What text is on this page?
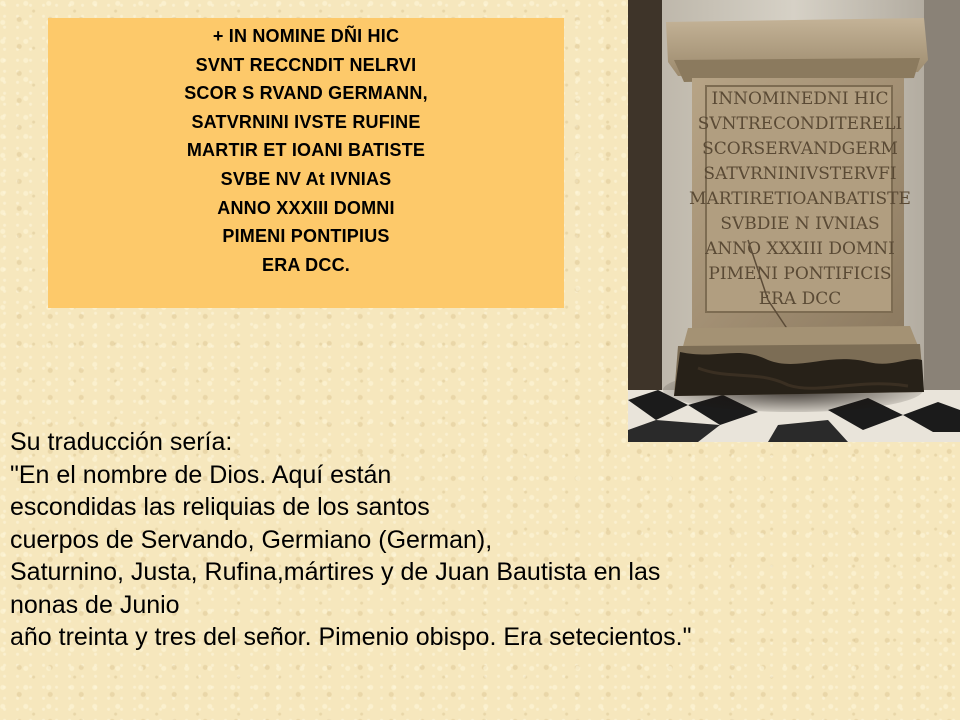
+ IN NOMINE DÑI HIC
SVNT RECCNDIT NELRVI
SCOR S RVAND GERMANN,
SATVRNINI IVSTE RUFINE
MARTIR ET IOANI BATISTE
SVBE NV At IVNIAS
ANNO XXXIII DOMNI
PIMENI PONTIPIUS
ERA DCC.
INNOMINEDNI HIC
SVNTRECONDITERELI
SCORSERVANDGERM
SATVRNINIVSTERVFI
MARTIRETIOANBATISTE
SVBDIE N IVNIAS
ANNO XXXIII DOMNI
PIMENI PONTIFICIS
ERA DCC
Su traducción sería:
"En el nombre de Dios. Aquí están
escondidas las reliquias de los santos
cuerpos de Servando, Germiano (German),
Saturnino, Justa, Rufina,mártires y de Juan Bautista en las
nonas de Junio
año treinta y tres del señor. Pimenio obispo. Era setecientos."
